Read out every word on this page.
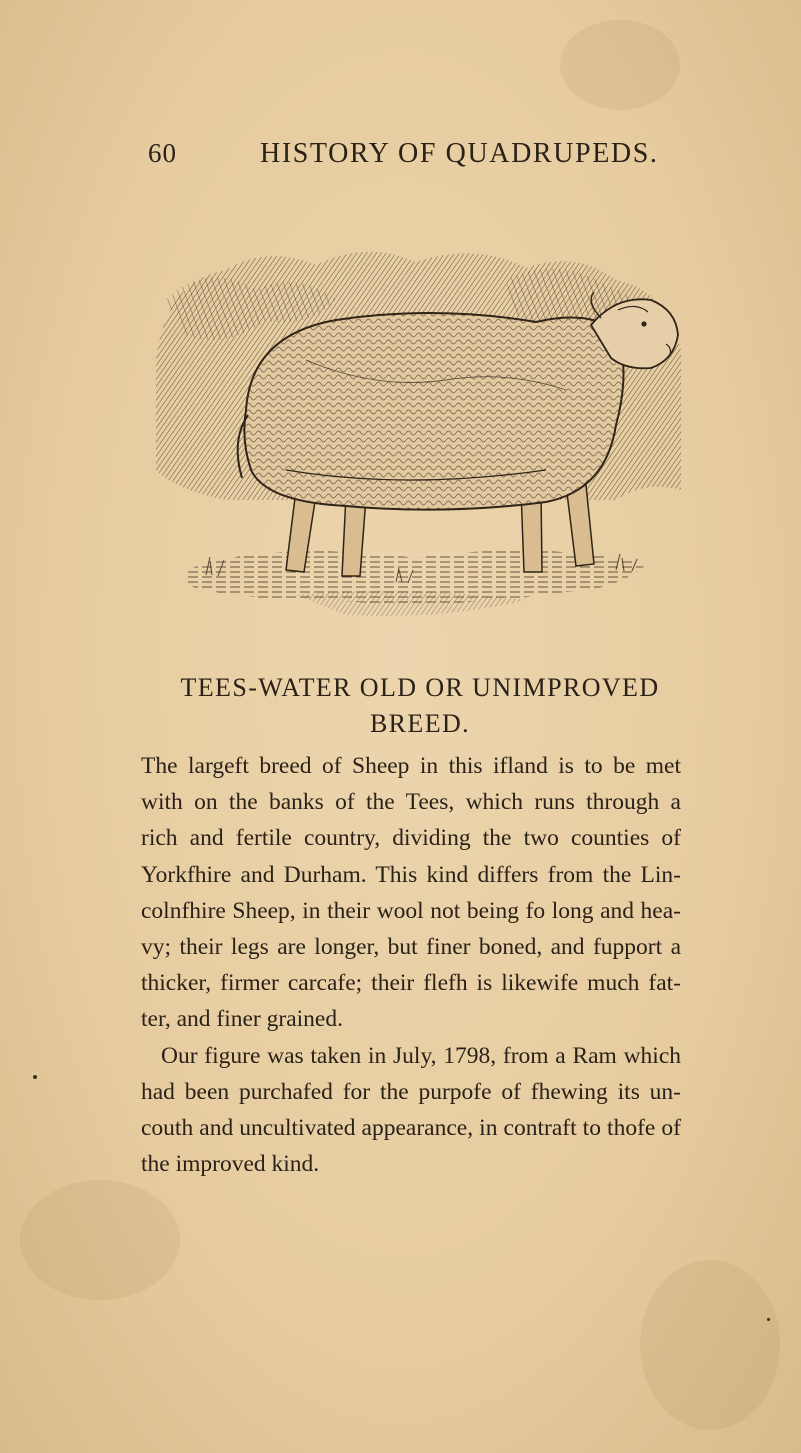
60	HISTORY OF QUADRUPEDS.
TEES-WATER OLD OR UNIMPROVED
BREED.
The largeft breed of Sheep in this ifland is to be met
with on the banks of the Tees, which runs through a
rich and fertile country, dividing the two counties of
Yorkfhire and Durham. This kind differs from the Lin-
colnfhire Sheep, in their wool not being fo long and hea-
vy; their legs are longer, but finer boned, and fupport a
thicker, firmer carcafe; their flefh is likewife much fat-
ter, and finer grained.
Our figure was taken in July, 1798, from a Ram which
had been purchafed for the purpofe of fhewing its un-
couth and uncultivated appearance, in contraft to thofe of
the improved kind.
